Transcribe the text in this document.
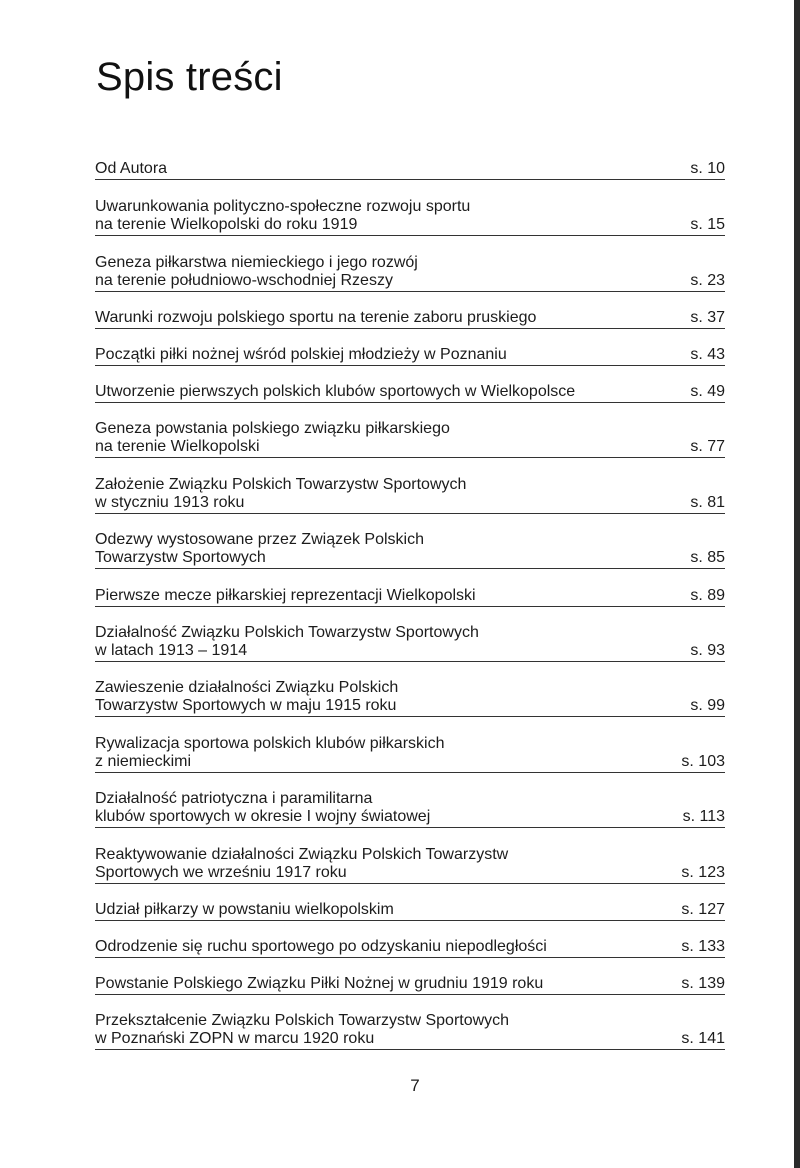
Spis treści
Od Autora	s. 10
Uwarunkowania polityczno-społeczne rozwoju sportu
na terenie Wielkopolski do roku 1919	s. 15
Geneza piłkarstwa niemieckiego i jego rozwój
na terenie południowo-wschodniej Rzeszy	s. 23
Warunki rozwoju polskiego sportu na terenie zaboru pruskiego	s. 37
Początki piłki nożnej wśród polskiej młodzieży w Poznaniu	s. 43
Utworzenie pierwszych polskich klubów sportowych w Wielkopolsce	s. 49
Geneza powstania polskiego związku piłkarskiego
na terenie Wielkopolski	s. 77
Założenie Związku Polskich Towarzystw Sportowych
w styczniu 1913 roku	s. 81
Odezwy wystosowane przez Związek Polskich
Towarzystw Sportowych	s. 85
Pierwsze mecze piłkarskiej reprezentacji Wielkopolski	s. 89
Działalność Związku Polskich Towarzystw Sportowych
w latach 1913 – 1914	s. 93
Zawieszenie działalności Związku Polskich
Towarzystw Sportowych w maju 1915 roku	s. 99
Rywalizacja sportowa polskich klubów piłkarskich
z niemieckimi	s. 103
Działalność patriotyczna i paramilitarna
klubów sportowych w okresie I wojny światowej	s. 113
Reaktywowanie działalności Związku Polskich Towarzystw
Sportowych we wrześniu 1917 roku	s. 123
Udział piłkarzy w powstaniu wielkopolskim	s. 127
Odrodzenie się ruchu sportowego po odzyskaniu niepodległości	s. 133
Powstanie Polskiego Związku Piłki Nożnej w grudniu 1919 roku	s. 139
Przekształcenie Związku Polskich Towarzystw Sportowych
w Poznański ZOPN w marcu 1920 roku	s. 141
7
